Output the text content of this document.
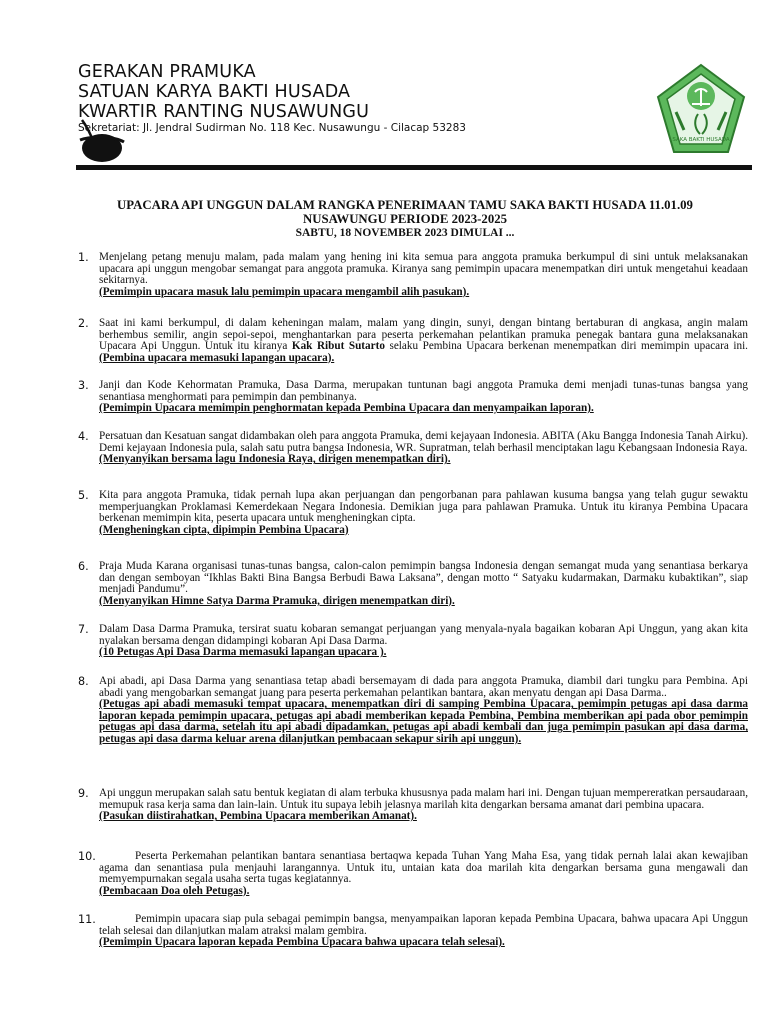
GERAKAN PRAMUKA
SATUAN KARYA BAKTI HUSADA
KWARTIR RANTING NUSAWUNGU
Sekretariat: Jl. Jendral Sudirman No. 118 Kec. Nusawungu - Cilacap 53283
SAKA BAKTI HUSADA
UPACARA API UNGGUN DALAM RANGKA PENERIMAAN TAMU SAKA BAKTI HUSADA 11.01.09
NUSAWUNGU PERIODE 2023-2025
SABTU, 18 NOVEMBER 2023 DIMULAI ...
1. Menjelang petang menuju malam, pada malam yang hening ini kita semua para anggota pramuka berkumpul di sini untuk melaksanakan upacara api unggun mengobar semangat para anggota pramuka. Kiranya sang pemimpin upacara menempatkan diri untuk mengetahui keadaan sekitarnya.
(Pemimpin upacara masuk lalu pemimpin upacara mengambil alih pasukan).
2. Saat ini kami berkumpul, di dalam keheningan malam, malam yang dingin, sunyi, dengan bintang bertaburan di angkasa, angin malam berhembus semilir, angin sepoi-sepoi, menghantarkan para peserta perkemahan pelantikan pramuka penegak bantara guna melaksanakan Upacara Api Unggun. Untuk itu kiranya Kak Ribut Sutarto selaku Pembina Upacara berkenan menempatkan diri memimpin upacara ini. (Pembina upacara memasuki lapangan upacara).
3. Janji dan Kode Kehormatan Pramuka, Dasa Darma, merupakan tuntunan bagi anggota Pramuka demi menjadi tunas-tunas bangsa yang senantiasa menghormati para pemimpin dan pembinanya.
(Pemimpin Upacara memimpin penghormatan kepada Pembina Upacara dan menyampaikan laporan).
4. Persatuan dan Kesatuan sangat didambakan oleh para anggota Pramuka, demi kejayaan Indonesia. ABITA (Aku Bangga Indonesia Tanah Airku). Demi kejayaan Indonesia pula, salah satu putra bangsa Indonesia, WR. Supratman, telah berhasil menciptakan lagu Kebangsaan Indonesia Raya.
(Menyanyikan bersama lagu Indonesia Raya, dirigen menempatkan diri).
5. Kita para anggota Pramuka, tidak pernah lupa akan perjuangan dan pengorbanan para pahlawan kusuma bangsa yang telah gugur sewaktu memperjuangkan Proklamasi Kemerdekaan Negara Indonesia. Demikian juga para pahlawan Pramuka. Untuk itu kiranya Pembina Upacara berkenan memimpin kita, peserta upacara untuk mengheningkan cipta.
(Mengheningkan cipta, dipimpin Pembina Upacara)
6. Praja Muda Karana organisasi tunas-tunas bangsa, calon-calon pemimpin bangsa Indonesia dengan semangat muda yang senantiasa berkarya dan dengan semboyan “Ikhlas Bakti Bina Bangsa Berbudi Bawa Laksana”, dengan motto “ Satyaku kudarmakan, Darmaku kubaktikan”, siap menjadi Pandumu”.
(Menyanyikan Himne Satya Darma Pramuka, dirigen menempatkan diri).
7. Dalam Dasa Darma Pramuka, tersirat suatu kobaran semangat perjuangan yang menyala-nyala bagaikan kobaran Api Unggun, yang akan kita nyalakan bersama dengan didampingi kobaran Api Dasa Darma.
(10 Petugas Api Dasa Darma memasuki lapangan upacara ).
8. Api abadi, api Dasa Darma yang senantiasa tetap abadi bersemayam di dada para anggota Pramuka, diambil dari tungku para Pembina. Api abadi yang mengobarkan semangat juang para peserta perkemahan pelantikan bantara, akan menyatu dengan api Dasa Darma..
(Petugas api abadi memasuki tempat upacara, menempatkan diri di samping Pembina Upacara, pemimpin petugas api dasa darma laporan kepada pemimpin upacara, petugas api abadi memberikan kepada Pembina, Pembina memberikan api pada obor pemimpin petugas api dasa darma, setelah itu api abadi dipadamkan, petugas api abadi kembali dan juga pemimpin pasukan api dasa darma, petugas api dasa darma keluar arena dilanjutkan pembacaan sekapur sirih api unggun).
9. Api unggun merupakan salah satu bentuk kegiatan di alam terbuka khususnya pada malam hari ini. Dengan tujuan mempereratkan persaudaraan, memupuk rasa kerja sama dan lain-lain. Untuk itu supaya lebih jelasnya marilah kita dengarkan bersama amanat dari pembina upacara.
(Pasukan diistirahatkan, Pembina Upacara memberikan Amanat).
10.	Peserta Perkemahan pelantikan bantara senantiasa bertaqwa kepada Tuhan Yang Maha Esa, yang tidak pernah lalai akan kewajiban agama dan senantiasa pula menjauhi larangannya. Untuk itu, untaian kata doa marilah kita dengarkan bersama guna mengawali dan memyempurnakan segala usaha serta tugas kegiatannya.
(Pembacaan Doa oleh Petugas).
11.	Pemimpin upacara siap pula sebagai pemimpin bangsa, menyampaikan laporan kepada Pembina Upacara, bahwa upacara Api Unggun telah selesai dan dilanjutkan malam atraksi malam gembira.
(Pemimpin Upacara laporan kepada Pembina Upacara bahwa upacara telah selesai).
